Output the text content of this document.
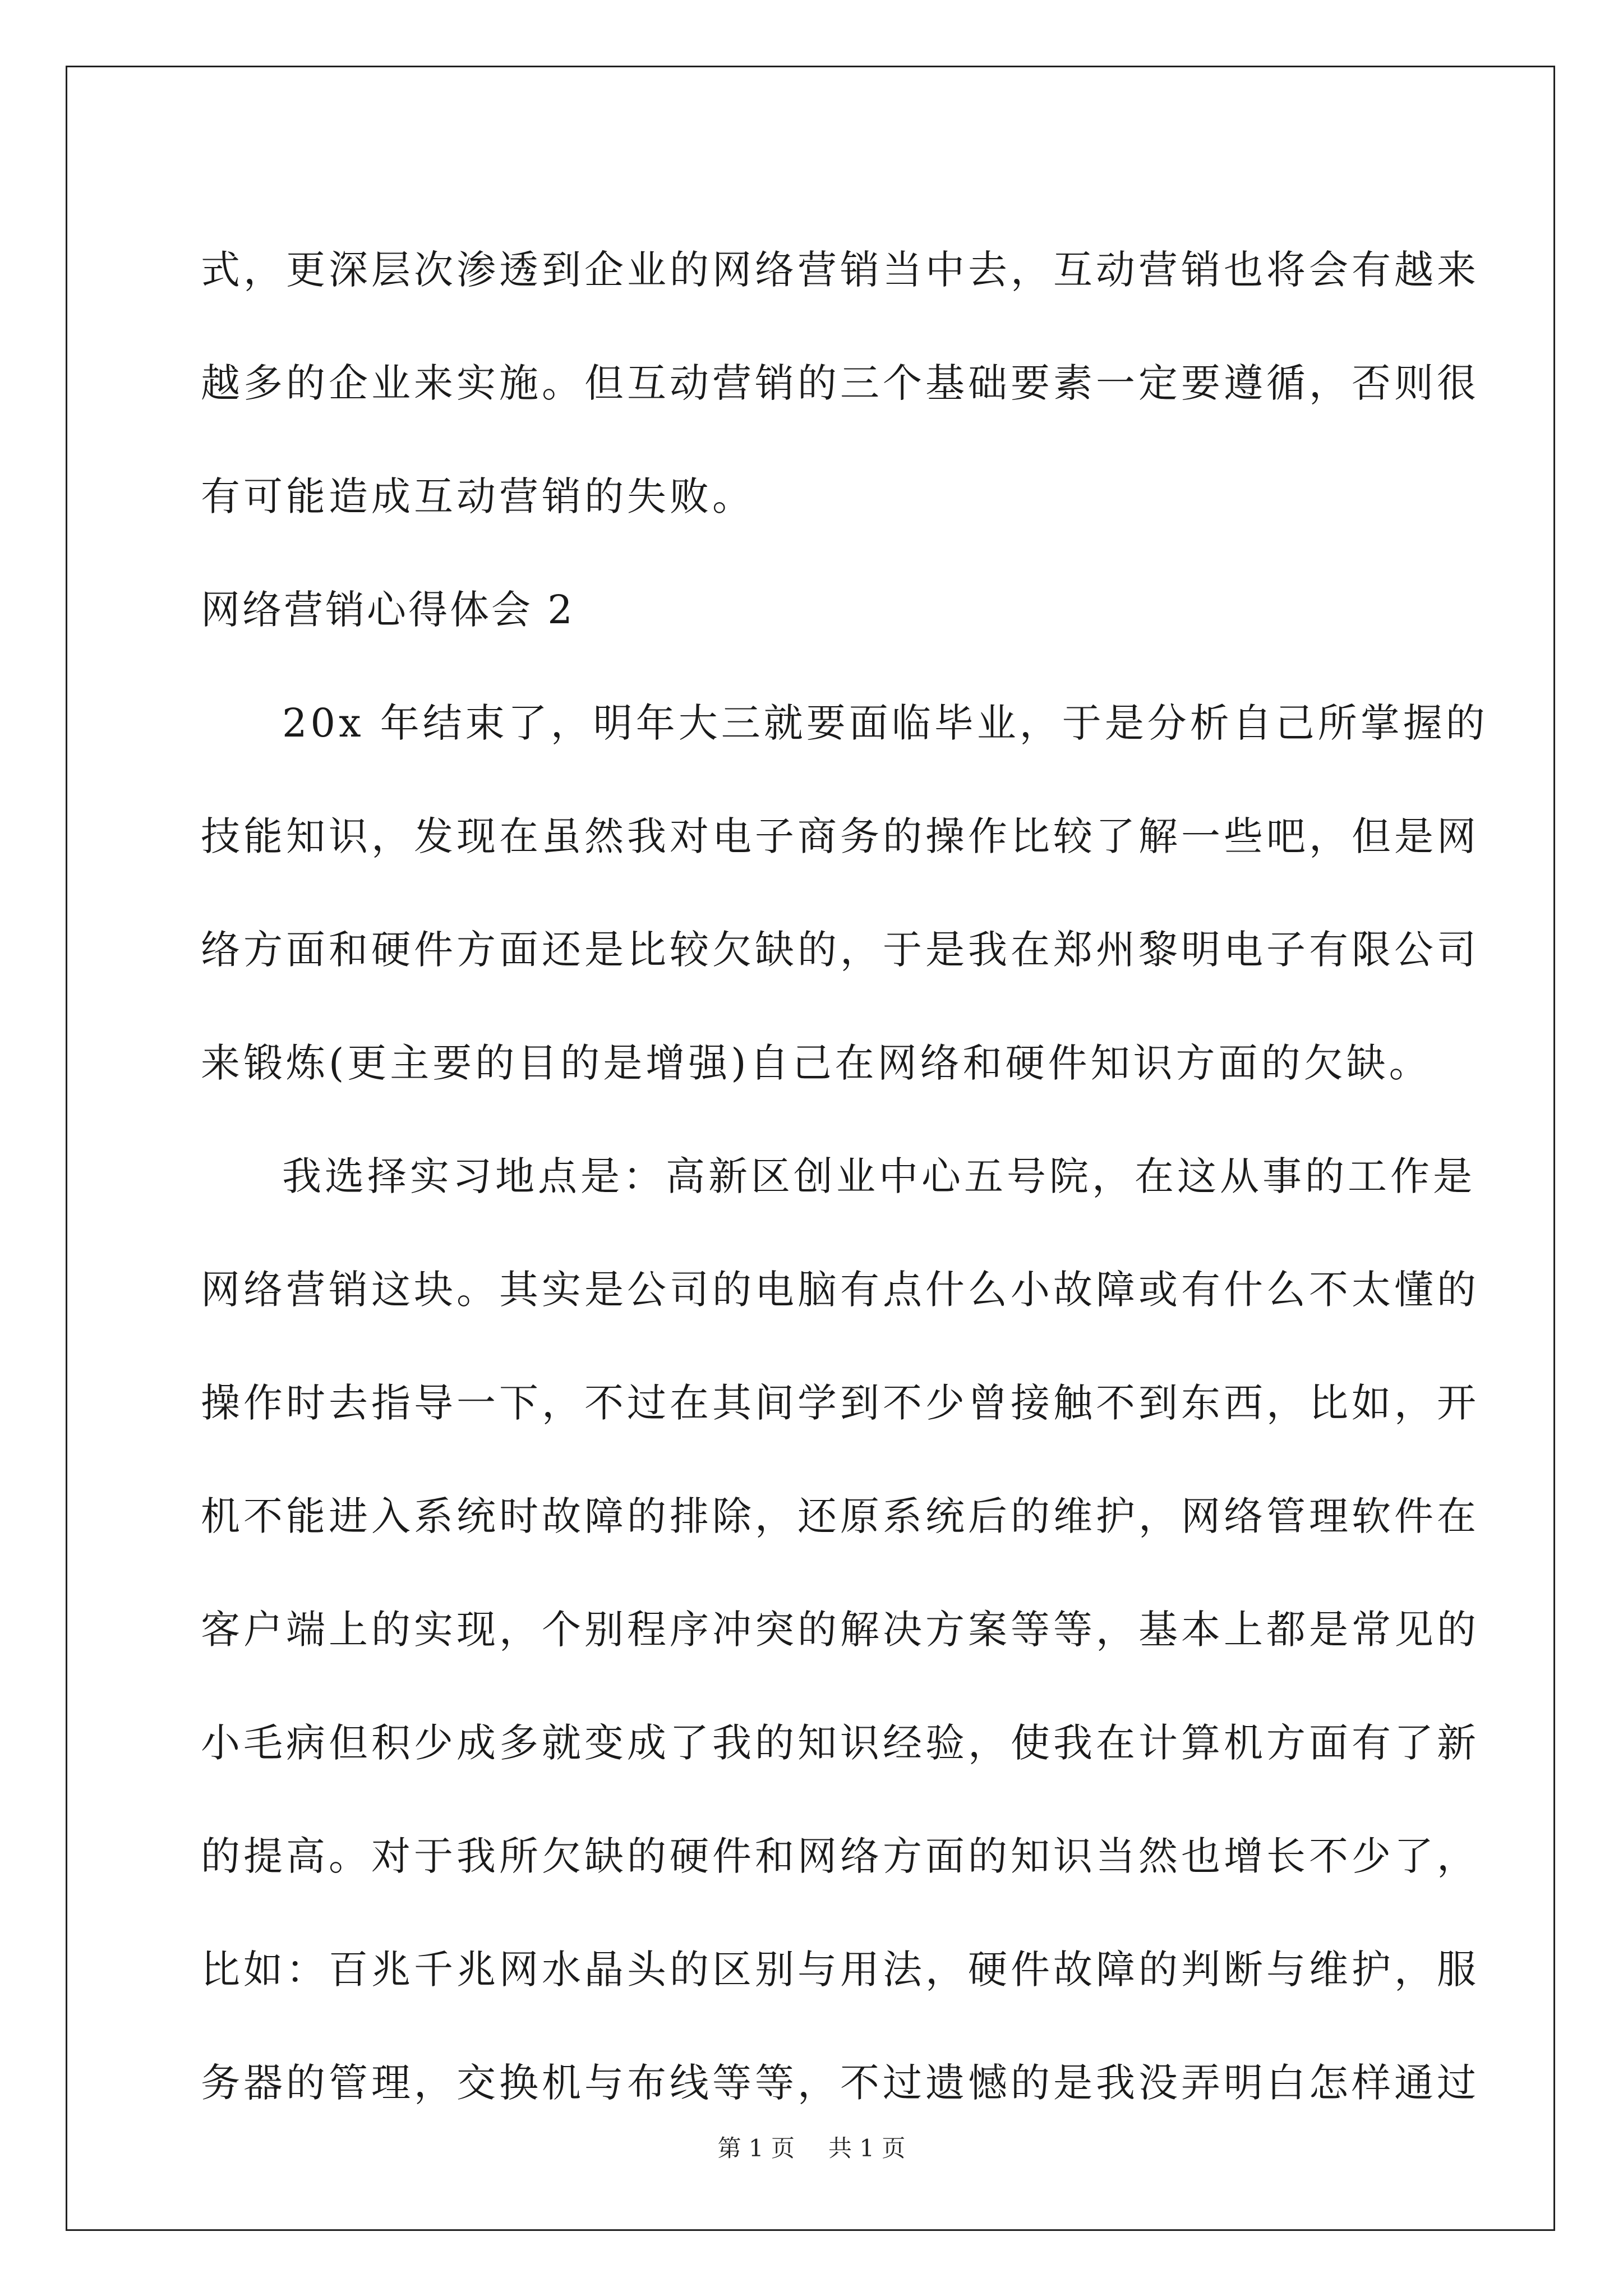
式，更深层次渗透到企业的网络营销当中去，互动营销也将会有越来
越多的企业来实施。但互动营销的三个基础要素一定要遵循，否则很
有可能造成互动营销的失败。
网络营销心得体会 2
20x 年结束了，明年大三就要面临毕业，于是分析自己所掌握的
技能知识，发现在虽然我对电子商务的操作比较了解一些吧，但是网
络方面和硬件方面还是比较欠缺的，于是我在郑州黎明电子有限公司
来锻炼(更主要的目的是增强)自己在网络和硬件知识方面的欠缺。
我选择实习地点是：高新区创业中心五号院，在这从事的工作是
网络营销这块。其实是公司的电脑有点什么小故障或有什么不太懂的
操作时去指导一下，不过在其间学到不少曾接触不到东西，比如，开
机不能进入系统时故障的排除，还原系统后的维护，网络管理软件在
客户端上的实现，个别程序冲突的解决方案等等，基本上都是常见的
小毛病但积少成多就变成了我的知识经验，使我在计算机方面有了新
的提高。对于我所欠缺的硬件和网络方面的知识当然也增长不少了，
比如：百兆千兆网水晶头的区别与用法，硬件故障的判断与维护，服
务器的管理，交换机与布线等等，不过遗憾的是我没弄明白怎样通过
第 1 页 共 1 页
